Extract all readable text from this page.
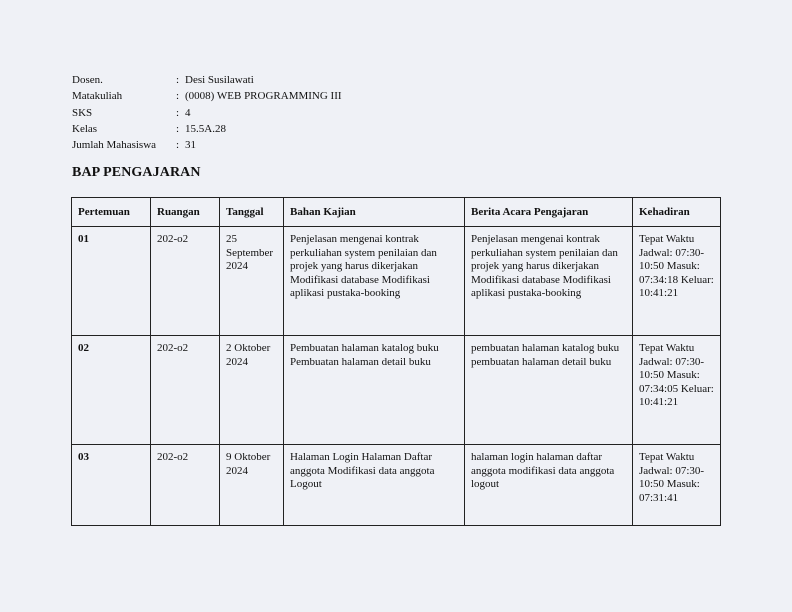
Dosen.	: Desi Susilawati
Matakuliah	: (0008) WEB PROGRAMMING III
SKS	: 4
Kelas	: 15.5A.28
Jumlah Mahasiswa	: 31
BAP PENGAJARAN
Pertemuan	Ruangan	Tanggal	Bahan Kajian	Berita Acara Pengajaran	Kehadiran
01	202-o2	25 September 2024	Penjelasan mengenai kontrak perkuliahan system penilaian dan projek yang harus dikerjakan Modifikasi database Modifikasi aplikasi pustaka-booking	Penjelasan mengenai kontrak perkuliahan system penilaian dan projek yang harus dikerjakan Modifikasi database Modifikasi aplikasi pustaka-booking	Tepat Waktu Jadwal: 07:30-10:50 Masuk: 07:34:18 Keluar: 10:41:21
02	202-o2	2 Oktober 2024	Pembuatan halaman katalog buku Pembuatan halaman detail buku	pembuatan halaman katalog buku pembuatan halaman detail buku	Tepat Waktu Jadwal: 07:30-10:50 Masuk: 07:34:05 Keluar: 10:41:21
03	202-o2	9 Oktober 2024	Halaman Login Halaman Daftar anggota Modifikasi data anggota Logout	halaman login halaman daftar anggota modifikasi data anggota logout	Tepat Waktu Jadwal: 07:30-10:50 Masuk: 07:31:41
